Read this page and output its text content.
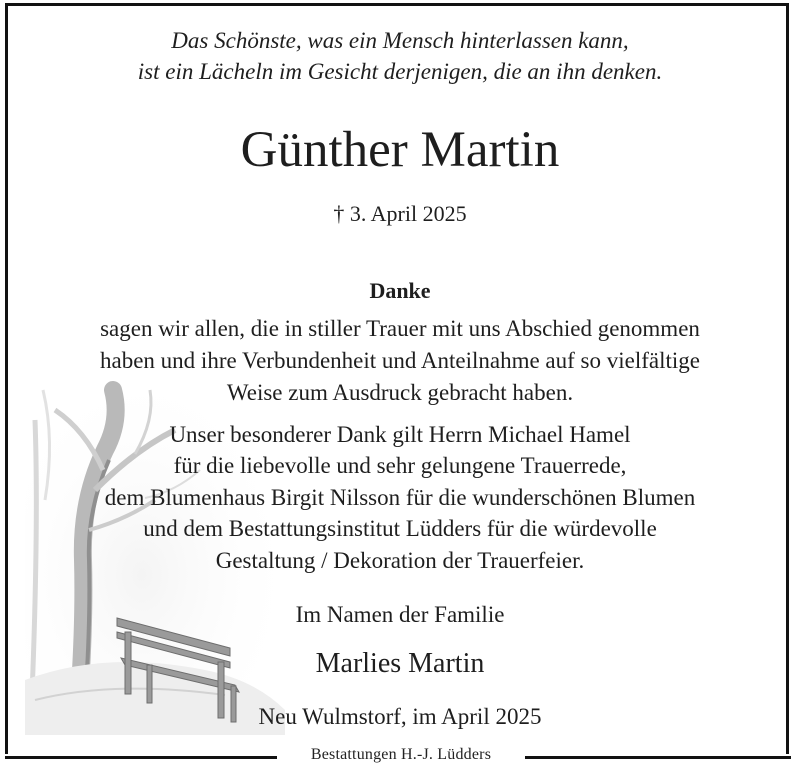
Das Schönste, was ein Mensch hinterlassen kann,
ist ein Lächeln im Gesicht derjenigen, die an ihn denken.
Günther Martin
† 3. April 2025
Danke
sagen wir allen, die in stiller Trauer mit uns Abschied genommen
haben und ihre Verbundenheit und Anteilnahme auf so vielfältige
Weise zum Ausdruck gebracht haben.
Unser besonderer Dank gilt Herrn Michael Hamel
für die liebevolle und sehr gelungene Trauerrede,
dem Blumenhaus Birgit Nilsson für die wunderschönen Blumen
und dem Bestattungsinstitut Lüdders für die würdevolle
Gestaltung / Dekoration der Trauerfeier.
Im Namen der Familie
Marlies Martin
Neu Wulmstorf, im April 2025
Bestattungen H.-J. Lüdders
